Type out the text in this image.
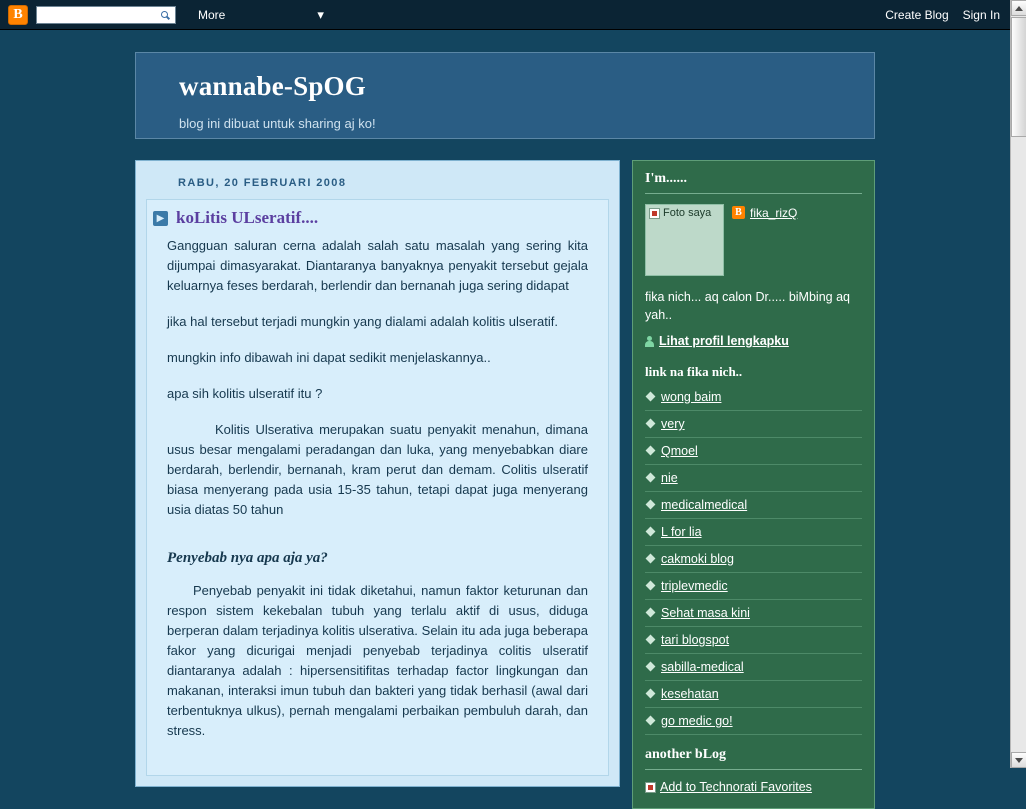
B	More	▾	Create Blog Sign In
wannabe-SpOG
blog ini dibuat untuk sharing aj ko!
RABU, 20 FEBRUARI 2008
▶ koLitis ULseratif....

Gangguan saluran cerna adalah salah satu masalah yang sering kita dijumpai dimasyarakat. Diantaranya banyaknya penyakit tersebut gejala keluarnya feses berdarah, berlendir dan bernanah juga sering didapat

jika hal tersebut terjadi mungkin yang dialami adalah kolitis ulseratif.

mungkin info dibawah ini dapat sedikit menjelaskannya..

apa sih kolitis ulseratif itu ?

Kolitis Ulserativa merupakan suatu penyakit menahun, dimana usus besar mengalami peradangan dan luka, yang menyebabkan diare berdarah, berlendir, bernanah, kram perut dan demam. Colitis ulseratif biasa menyerang pada usia 15-35 tahun, tetapi dapat juga menyerang usia diatas 50 tahun

Penyebab nya apa aja ya?

Penyebab penyakit ini tidak diketahui, namun faktor keturunan dan respon sistem kekebalan tubuh yang terlalu aktif di usus, diduga berperan dalam terjadinya kolitis ulserativa. Selain itu ada juga beberapa fakor yang dicurigai menjadi penyebab terjadinya colitis ulseratif diantaranya adalah : hipersensitifitas terhadap factor lingkungan dan makanan, interaksi imun tubuh dan bakteri yang tidak berhasil (awal dari terbentuknya ulkus), pernah mengalami perbaikan pembuluh darah, dan stress.

I'm......
Foto saya	B fika_rizQ
fika nich... aq calon Dr..... biMbing aq yah..
Lihat profil lengkapku
link na fika nich..
wong baim
very
Qmoel
nie
medicalmedical
L for lia
cakmoki blog
triplevmedic
Sehat masa kini
tari blogspot
sabilla-medical
kesehatan
go medic go!
another bLog
Add to Technorati Favorites
